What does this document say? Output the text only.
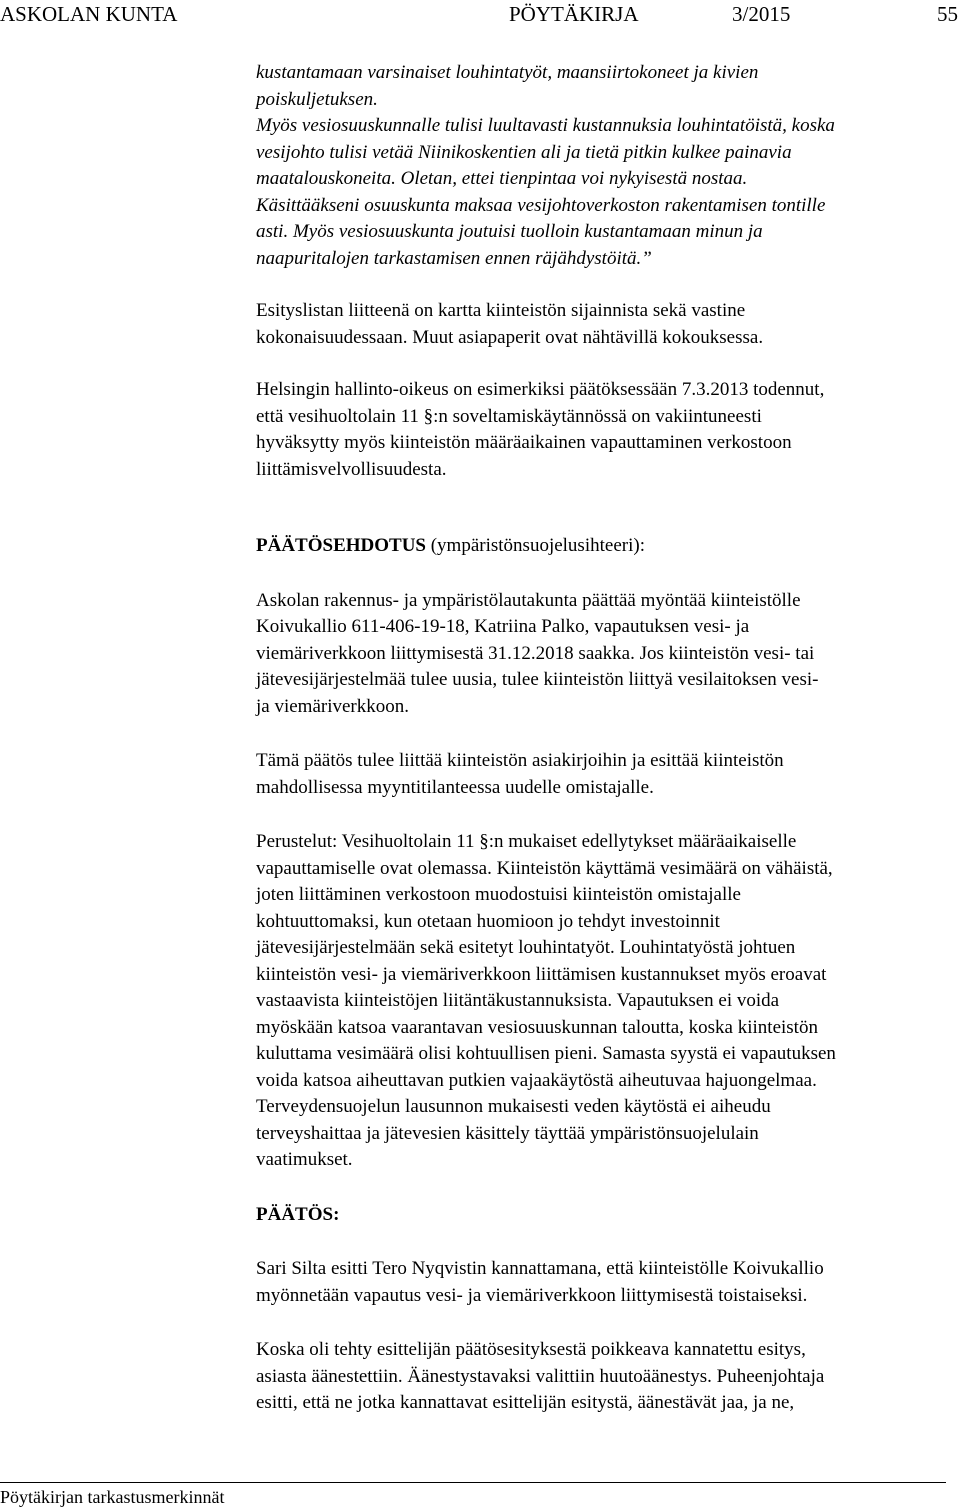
ASKOLAN KUNTA	PÖYTÄKIRJA	3/2015	55

kustantamaan varsinaiset louhintatyöt, maansiirtokoneet ja kivien
poiskuljetuksen.
Myös vesiosuuskunnalle tulisi luultavasti kustannuksia louhintatöistä, koska
vesijohto tulisi vetää Niinikoskentien ali ja tietä pitkin kulkee painavia
maatalouskoneita. Oletan, ettei tienpintaa voi nykyisestä nostaa.
Käsittääkseni osuuskunta maksaa vesijohtoverkoston rakentamisen tontille
asti. Myös vesiosuuskunta joutuisi tuolloin kustantamaan minun ja
naapuritalojen tarkastamisen ennen räjähdystöitä.”

Esityslistan liitteenä on kartta kiinteistön sijainnista sekä vastine
kokonaisuudessaan. Muut asiapaperit ovat nähtävillä kokouksessa.

Helsingin hallinto-oikeus on esimerkiksi päätöksessään 7.3.2013 todennut,
että vesihuoltolain 11 §:n soveltamiskäytännössä on vakiintuneesti
hyväksytty myös kiinteistön määräaikainen vapauttaminen verkostoon
liittämisvelvollisuudesta.

PÄÄTÖSEHDOTUS (ympäristönsuojelusihteeri):

Askolan rakennus- ja ympäristölautakunta päättää myöntää kiinteistölle
Koivukallio 611-406-19-18, Katriina Palko, vapautuksen vesi- ja
viemäriverkkoon liittymisestä 31.12.2018 saakka. Jos kiinteistön vesi- tai
jätevesijärjestelmää tulee uusia, tulee kiinteistön liittyä vesilaitoksen vesi-
ja viemäriverkkoon.

Tämä päätös tulee liittää kiinteistön asiakirjoihin ja esittää kiinteistön
mahdollisessa myyntitilanteessa uudelle omistajalle.

Perustelut: Vesihuoltolain 11 §:n mukaiset edellytykset määräaikaiselle
vapauttamiselle ovat olemassa. Kiinteistön käyttämä vesimäärä on vähäistä,
joten liittäminen verkostoon muodostuisi kiinteistön omistajalle
kohtuuttomaksi, kun otetaan huomioon jo tehdyt investoinnit
jätevesijärjestelmään sekä esitetyt louhintatyöt. Louhintatyöstä johtuen
kiinteistön vesi- ja viemäriverkkoon liittämisen kustannukset myös eroavat
vastaavista kiinteistöjen liitäntäkustannuksista. Vapautuksen ei voida
myöskään katsoa vaarantavan vesiosuuskunnan taloutta, koska kiinteistön
kuluttama vesimäärä olisi kohtuullisen pieni. Samasta syystä ei vapautuksen
voida katsoa aiheuttavan putkien vajaakäytöstä aiheutuvaa hajuongelmaa.
Terveydensuojelun lausunnon mukaisesti veden käytöstä ei aiheudu
terveyshaittaa ja jätevesien käsittely täyttää ympäristönsuojelulain
vaatimukset.

PÄÄTÖS:

Sari Silta esitti Tero Nyqvistin kannattamana, että kiinteistölle Koivukallio
myönnetään vapautus vesi- ja viemäriverkkoon liittymisestä toistaiseksi.

Koska oli tehty esittelijän päätösesityksestä poikkeava kannatettu esitys,
asiasta äänestettiin. Äänestystavaksi valittiin huutoäänestys. Puheenjohtaja
esitti, että ne jotka kannattavat esittelijän esitystä, äänestävät jaa, ja ne,

Pöytäkirjan tarkastusmerkinnät
